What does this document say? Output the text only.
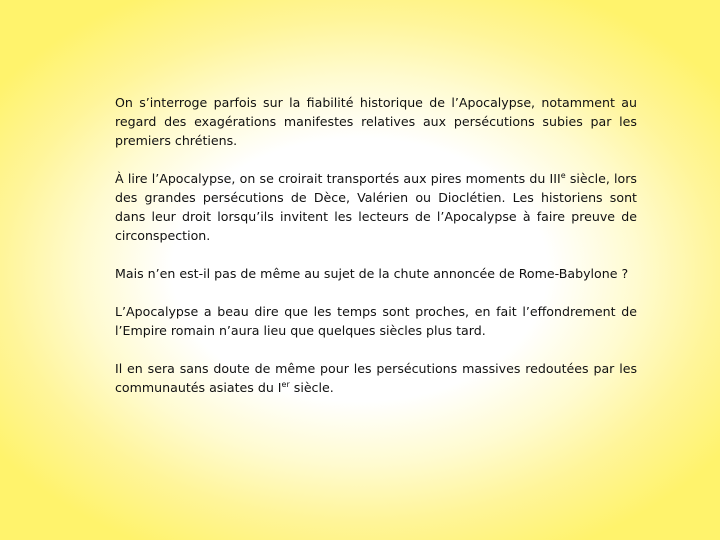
On s’interroge parfois sur la fiabilité historique de l’Apocalypse, notamment au regard des exagérations manifestes relatives aux persécutions subies par les premiers chrétiens.

À lire l’Apocalypse, on se croirait transportés aux pires moments du IIIe siècle, lors des grandes persécutions de Dèce, Valérien ou Dioclétien. Les historiens sont dans leur droit lorsqu’ils invitent les lecteurs de l’Apocalypse à faire preuve de circonspection.

Mais n’en est-il pas de même au sujet de la chute annoncée de Rome-Babylone ?

L’Apocalypse a beau dire que les temps sont proches, en fait l’effondrement de l’Empire romain n’aura lieu que quelques siècles plus tard.

Il en sera sans doute de même pour les persécutions massives redoutées par les communautés asiates du Ier siècle.
